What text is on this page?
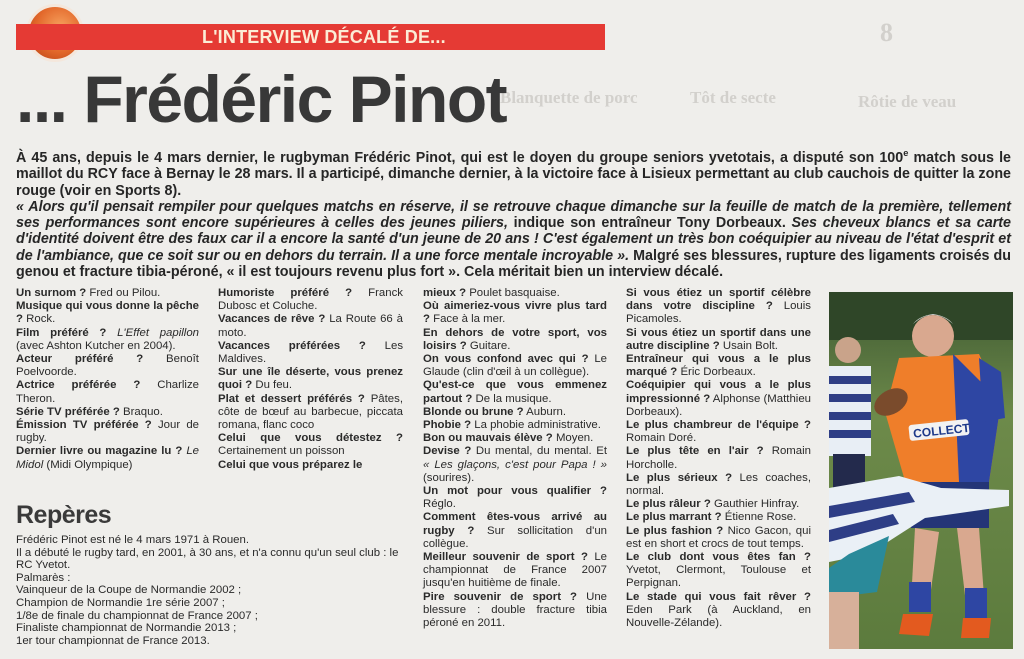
Blanquette de porc	Tôt de secte	Rôtie de veau
8
L'INTERVIEW DÉCALÉ DE...
... Frédéric Pinot

À 45 ans, depuis le 4 mars dernier, le rugbyman Frédéric Pinot, qui est le doyen du groupe seniors yvetotais, a disputé son 100e match sous le maillot du RCY face à Bernay le 28 mars. Il a participé, dimanche dernier, à la victoire face à Lisieux permettant au club cauchois de quitter la zone rouge (voir en Sports 8).
« Alors qu'il pensait rempiler pour quelques matchs en réserve, il se retrouve chaque dimanche sur la feuille de match de la première, tellement ses performances sont encore supérieures à celles des jeunes piliers, indique son entraîneur Tony Dorbeaux. Ses cheveux blancs et sa carte d'identité doivent être des faux car il a encore la santé d'un jeune de 20 ans ! C'est également un très bon coéquipier au niveau de l'état d'esprit et de l'ambiance, que ce soit sur ou en dehors du terrain. Il a une force mentale incroyable ». Malgré ses blessures, rupture des ligaments croisés du genou et fracture tibia-péroné, « il est toujours revenu plus fort ». Cela méritait bien un interview décalé.

Un surnom ? Fred ou Pilou.

Musique qui vous donne la pêche ? Rock.

Film préféré ? L'Effet papillon (avec Ashton Kutcher en 2004).

Acteur préféré ? Benoît Poelvoorde.

Actrice préférée ? Charlize Theron.

Série TV préférée ? Braquo.

Émission TV préférée ? Jour de rugby.

Dernier livre ou magazine lu ? Le Midol (Midi Olympique)

Humoriste préféré ? Franck Dubosc et Coluche.

Vacances de rêve ? La Route 66 à moto.

Vacances préférées ? Les Maldives.

Sur une île déserte, vous prenez quoi ? Du feu.

Plat et dessert préférés ? Pâtes, côte de bœuf au barbecue, piccata romana, flanc coco

Celui que vous détestez ? Certainement un poisson

Celui que vous préparez le

mieux ? Poulet basquaise.

Où aimeriez-vous vivre plus tard ? Face à la mer.

En dehors de votre sport, vos loisirs ? Guitare.

On vous confond avec qui ? Le Glaude (clin d'œil à un collègue).

Qu'est-ce que vous emmenez partout ? De la musique.

Blonde ou brune ? Auburn.

Phobie ? La phobie administrative.

Bon ou mauvais élève ? Moyen.

Devise ? Du mental, du mental. Et « Les glaçons, c'est pour Papa ! » (sourires).

Un mot pour vous qualifier ? Réglo.

Comment êtes-vous arrivé au rugby ? Sur sollicitation d'un collègue.

Meilleur souvenir de sport ? Le championnat de France 2007 jusqu'en huitième de finale.

Pire souvenir de sport ? Une blessure : double fracture tibia péroné en 2011.

Si vous étiez un sportif célèbre dans votre discipline ? Louis Picamoles.

Si vous étiez un sportif dans une autre discipline ? Usain Bolt.

Entraîneur qui vous a le plus marqué ? Éric Dorbeaux.

Coéquipier qui vous a le plus impressionné ? Alphonse (Matthieu Dorbeaux).

Le plus chambreur de l'équipe ? Romain Doré.

Le plus tête en l'air ? Romain Horcholle.

Le plus sérieux ? Les coaches, normal.

Le plus râleur ? Gauthier Hinfray.

Le plus marrant ? Étienne Rose.

Le plus fashion ? Nico Gacon, qui est en short et crocs de tout temps.

Le club dont vous êtes fan ? Yvetot, Clermont, Toulouse et Perpignan.

Le stade qui vous fait rêver ? Eden Park (à Auckland, en Nouvelle-Zélande).

Repères

Frédéric Pinot est né le 4 mars 1971 à Rouen.

Il a débuté le rugby tard, en 2001, à 30 ans, et n'a connu qu'un seul club : le RC Yvetot.

Palmarès :

Vainqueur de la Coupe de Normandie 2002 ;

Champion de Normandie 1re série 2007 ;

1/8e de finale du championnat de France 2007 ;

Finaliste championnat de Normandie 2013 ;

1er tour championnat de France 2013.

COLLECT
